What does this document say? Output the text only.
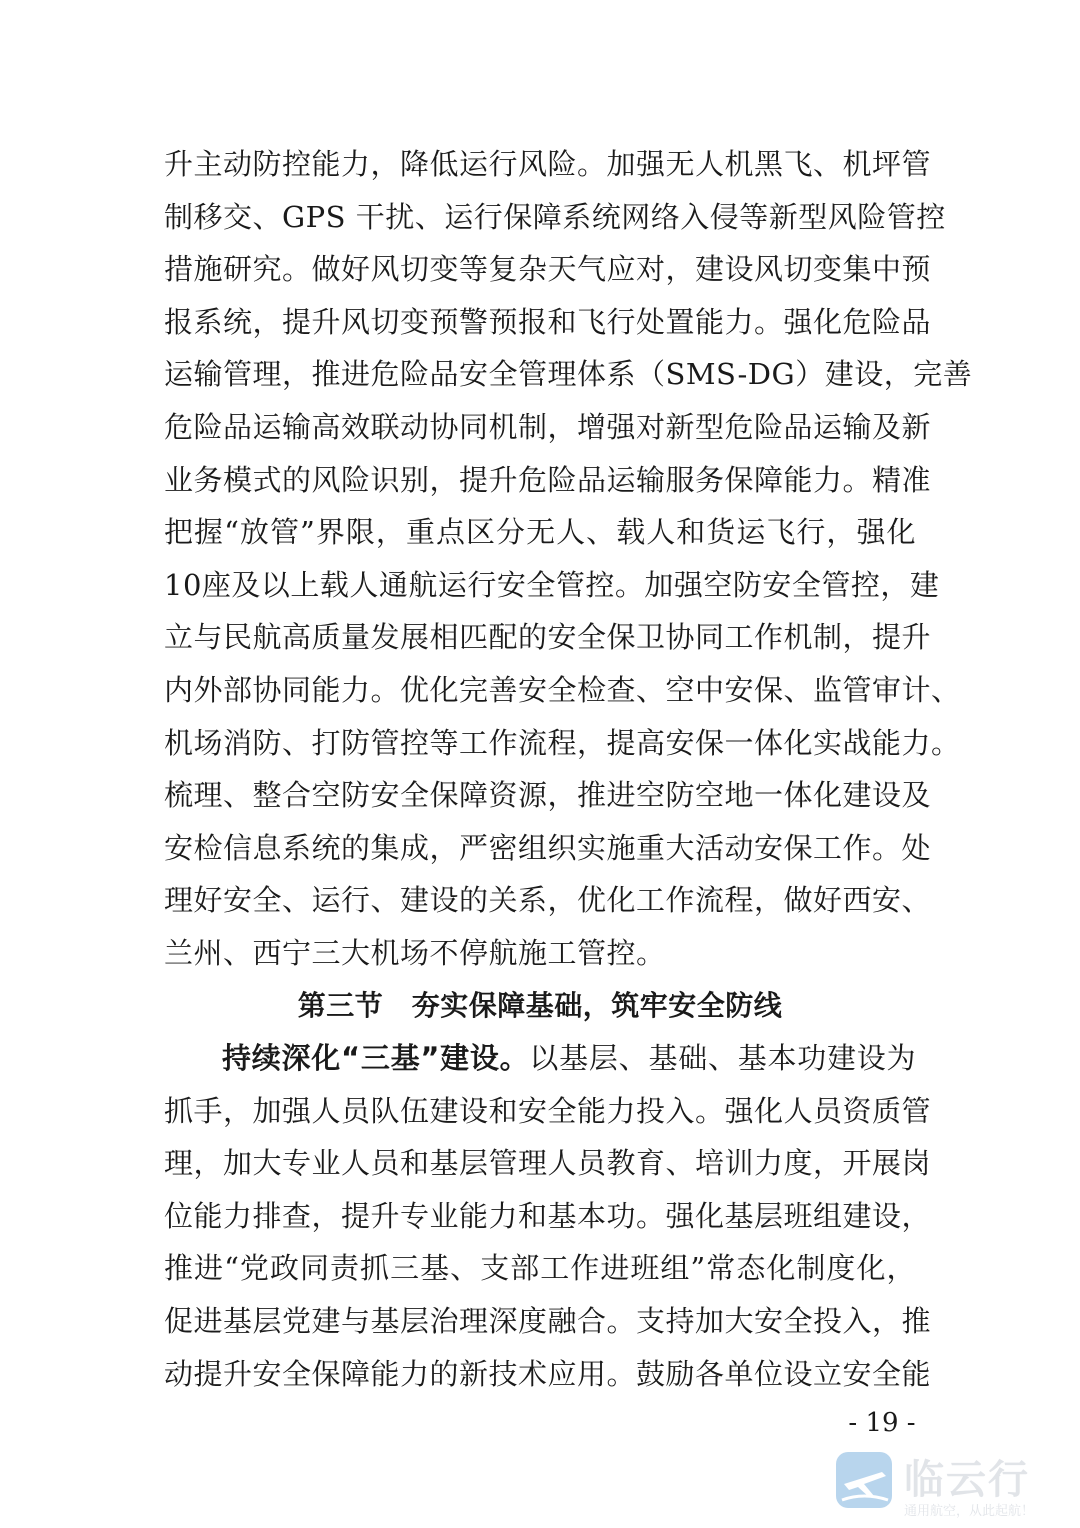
升主动防控能力，降低运行风险。加强无人机黑飞、机坪管
制移交、GPS 干扰、运行保障系统网络入侵等新型风险管控
措施研究。做好风切变等复杂天气应对，建设风切变集中预
报系统，提升风切变预警预报和飞行处置能力。强化危险品
运输管理，推进危险品安全管理体系（SMS-DG）建设，完善
危险品运输高效联动协同机制，增强对新型危险品运输及新
业务模式的风险识别，提升危险品运输服务保障能力。精准
把握“放管”界限，重点区分无人、载人和货运飞行，强化
10座及以上载人通航运行安全管控。加强空防安全管控，建
立与民航高质量发展相匹配的安全保卫协同工作机制，提升
内外部协同能力。优化完善安全检查、空中安保、监管审计、
机场消防、打防管控等工作流程，提高安保一体化实战能力。
梳理、整合空防安全保障资源，推进空防空地一体化建设及
安检信息系统的集成，严密组织实施重大活动安保工作。处
理好安全、运行、建设的关系，优化工作流程，做好西安、
兰州、西宁三大机场不停航施工管控。
第三节　夯实保障基础，筑牢安全防线
持续深化“三基”建设。以基层、基础、基本功建设为
抓手，加强人员队伍建设和安全能力投入。强化人员资质管
理，加大专业人员和基层管理人员教育、培训力度，开展岗
位能力排查，提升专业能力和基本功。强化基层班组建设，
推进“党政同责抓三基、支部工作进班组”常态化制度化，
促进基层党建与基层治理深度融合。支持加大安全投入，推
动提升安全保障能力的新技术应用。鼓励各单位设立安全能
- 19 -
临云行
通用航空，从此起航！
